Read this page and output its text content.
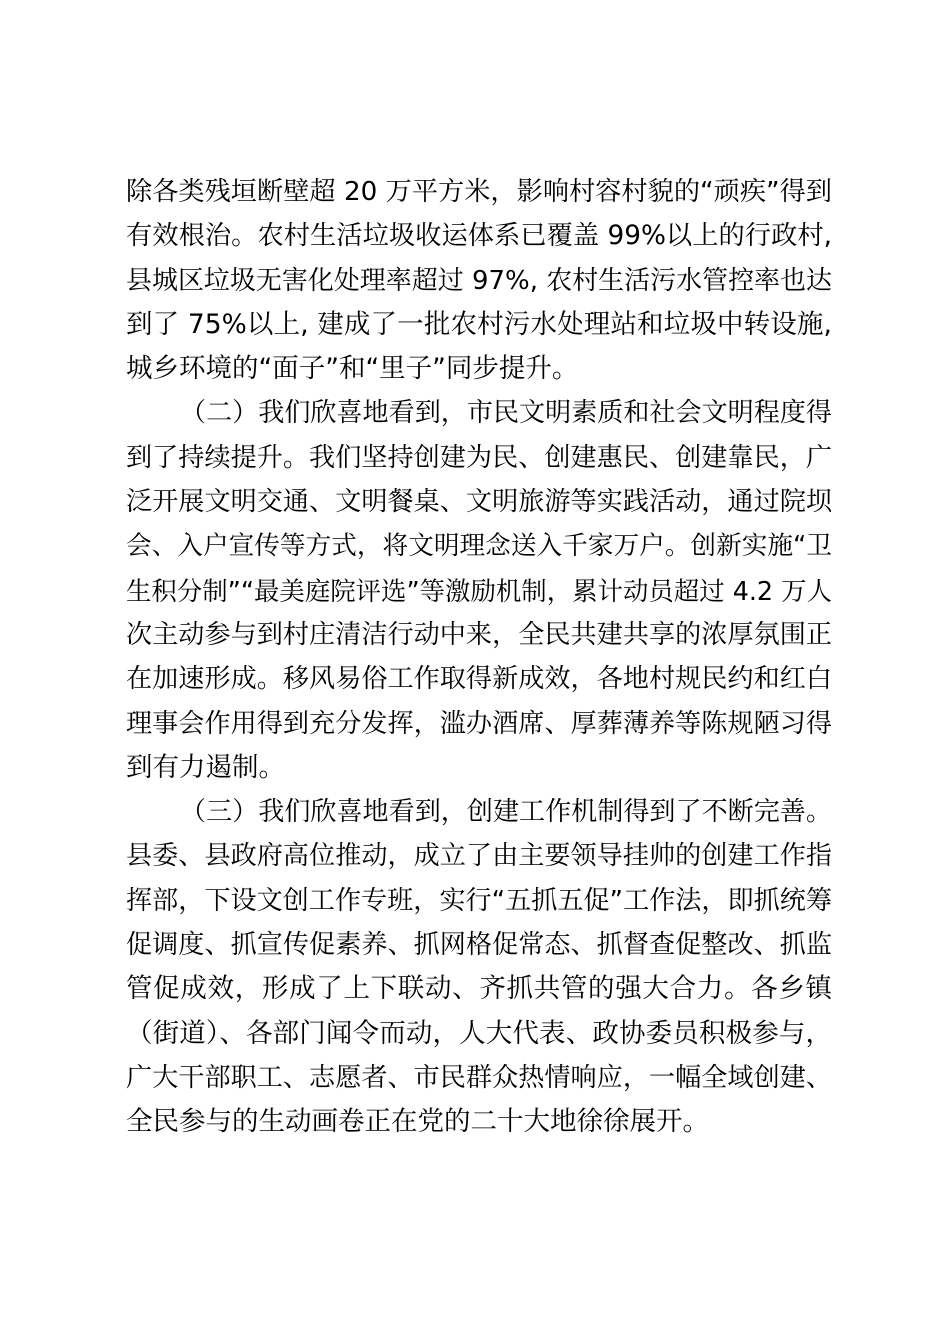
除各类残垣断壁超 20 万平方米，影响村容村貌的“顽疾”得到
有效根治。农村生活垃圾收运体系已覆盖 99%以上的行政村,
县城区垃圾无害化处理率超过 97%, 农村生活污水管控率也达
到了 75%以上, 建成了一批农村污水处理站和垃圾中转设施,
城乡环境的“面子”和“里子”同步提升。
（二）我们欣喜地看到，市民文明素质和社会文明程度得
到了持续提升。我们坚持创建为民、创建惠民、创建靠民，广
泛开展文明交通、文明餐桌、文明旅游等实践活动，通过院坝
会、入户宣传等方式，将文明理念送入千家万户。创新实施“卫
生积分制”“最美庭院评选”等激励机制，累计动员超过 4.2 万人
次主动参与到村庄清洁行动中来，全民共建共享的浓厚氛围正
在加速形成。移风易俗工作取得新成效，各地村规民约和红白
理事会作用得到充分发挥，滥办酒席、厚葬薄养等陈规陋习得
到有力遏制。
（三）我们欣喜地看到，创建工作机制得到了不断完善。
县委、县政府高位推动，成立了由主要领导挂帅的创建工作指
挥部，下设文创工作专班，实行“五抓五促”工作法，即抓统筹
促调度、抓宣传促素养、抓网格促常态、抓督查促整改、抓监
管促成效，形成了上下联动、齐抓共管的强大合力。各乡镇
（街道）、各部门闻令而动，人大代表、政协委员积极参与，
广大干部职工、志愿者、市民群众热情响应，一幅全域创建、
全民参与的生动画卷正在党的二十大地徐徐展开。
